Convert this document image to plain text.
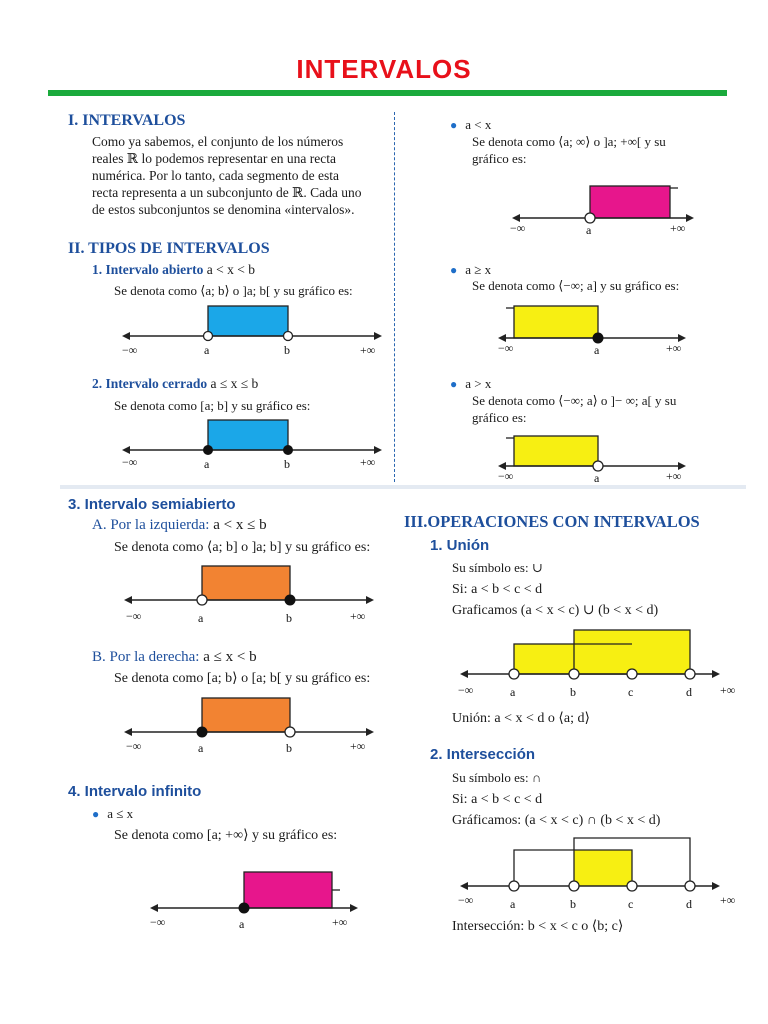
INTERVALOS
I. INTERVALOS
Como ya sabemos, el conjunto de los números
reales ℝ lo podemos representar en una recta
numérica. Por lo tanto, cada segmento de esta
recta representa a un subconjunto de ℝ. Cada uno
de estos subconjuntos se denomina «intervalos».
II. TIPOS DE INTERVALOS
1. Intervalo abierto a < x < b
Se denota como ⟨a; b⟩ o ]a; b[ y su gráfico es:
−∞	a	b	+∞
2. Intervalo cerrado a ≤ x ≤ b
Se denota como [a; b] y su gráfico es:
−∞	a	b	+∞
3. Intervalo semiabierto
A. Por la izquierda: a < x ≤ b
Se denota como ⟨a; b] o ]a; b] y su gráfico es:
−∞	a	b	+∞
B. Por la derecha: a ≤ x < b
Se denota como [a; b⟩ o [a; b[ y su gráfico es:
−∞	a	b	+∞
4. Intervalo infinito
● a ≤ x
Se denota como [a; +∞⟩ y su gráfico es:
−∞	a	+∞
● a < x
Se denota como ⟨a; ∞⟩ o ]a; +∞[ y su
gráfico es:
−∞	a	+∞
● a ≥ x
Se denota como ⟨−∞; a] y su gráfico es:
−∞	a	+∞
● a > x
Se denota como ⟨−∞; a⟩ o ]− ∞; a[ y su
gráfico es:
−∞	a	+∞
III.OPERACIONES CON INTERVALOS
1. Unión
Su símbolo es: ∪
Si: a < b < c < d
Graficamos (a < x < c) ∪ (b < x < d)
−∞	a	b	c	d +∞
Unión: a < x < d o ⟨a; d⟩
2. Intersección
Su símbolo es: ∩
Si: a < b < c < d
Gráficamos: (a < x < c) ∩ (b < x < d)
−∞	a	b	c	d +∞
Intersección: b < x < c o ⟨b; c⟩
